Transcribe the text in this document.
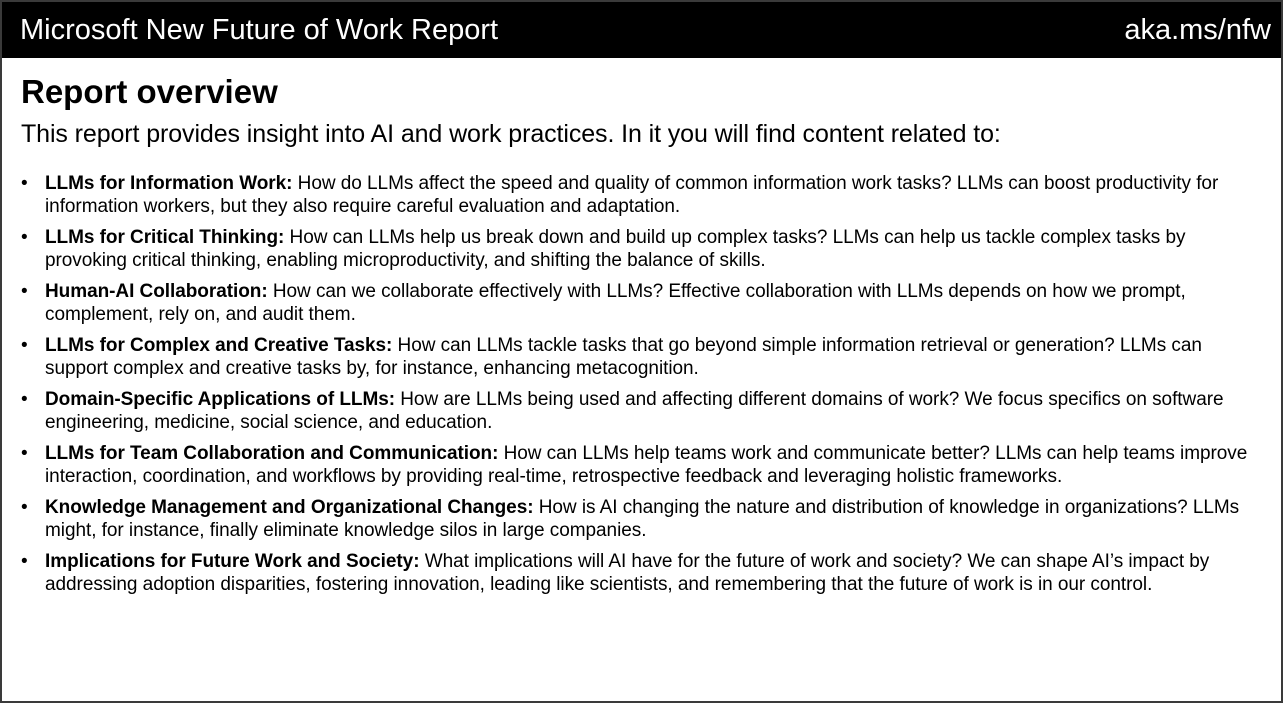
Microsoft New Future of Work Report	aka.ms/nfw
Report overview

This report provides insight into AI and work practices. In it you will find content related to:

• LLMs for Information Work: How do LLMs affect the speed and quality of common information work tasks? LLMs can boost productivity for information workers, but they also require careful evaluation and adaptation.
• LLMs for Critical Thinking: How can LLMs help us break down and build up complex tasks? LLMs can help us tackle complex tasks by provoking critical thinking, enabling microproductivity, and shifting the balance of skills.
• Human-AI Collaboration: How can we collaborate effectively with LLMs? Effective collaboration with LLMs depends on how we prompt, complement, rely on, and audit them.
• LLMs for Complex and Creative Tasks: How can LLMs tackle tasks that go beyond simple information retrieval or generation? LLMs can support complex and creative tasks by, for instance, enhancing metacognition.
• Domain-Specific Applications of LLMs: How are LLMs being used and affecting different domains of work? We focus specifics on software engineering, medicine, social science, and education.
• LLMs for Team Collaboration and Communication: How can LLMs help teams work and communicate better? LLMs can help teams improve interaction, coordination, and workflows by providing real-time, retrospective feedback and leveraging holistic frameworks.
• Knowledge Management and Organizational Changes: How is AI changing the nature and distribution of knowledge in organizations? LLMs might, for instance, finally eliminate knowledge silos in large companies.
• Implications for Future Work and Society: What implications will AI have for the future of work and society? We can shape AI’s impact by addressing adoption disparities, fostering innovation, leading like scientists, and remembering that the future of work is in our control.
